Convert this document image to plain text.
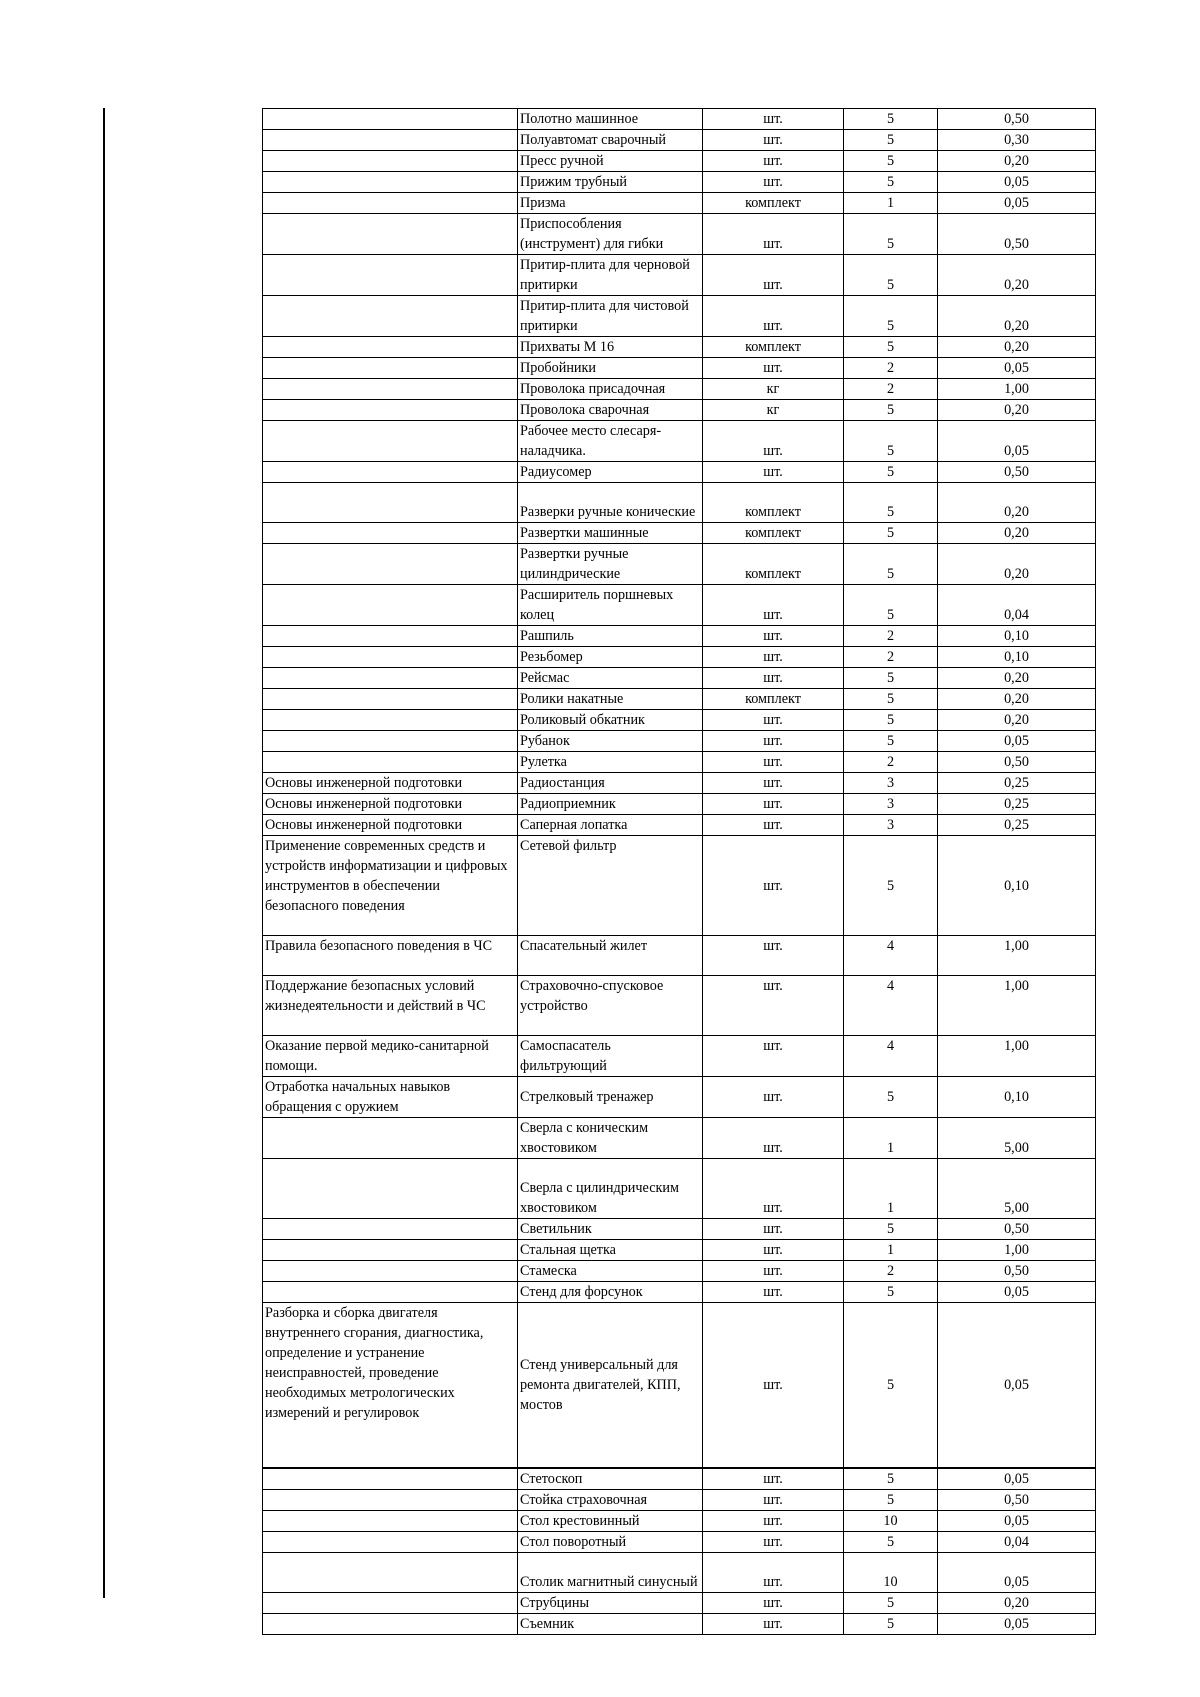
	Полотно машинное	шт.	5	0,50
	Полуавтомат сварочный	шт.	5	0,30
	Пресс ручной	шт.	5	0,20
	Прижим трубный	шт.	5	0,05
	Призма	комплект	1	0,05
	Приспособления (инструмент) для гибки	шт.	5	0,50
	Притир-плита для черновой притирки	шт.	5	0,20
	Притир-плита для чистовой притирки	шт.	5	0,20
	Прихваты М 16	комплект	5	0,20
	Пробойники	шт.	2	0,05
	Проволока присадочная	кг	2	1,00
	Проволока сварочная	кг	5	0,20
	Рабочее место слесаря-наладчика.	шт.	5	0,05
	Радиусомер	шт.	5	0,50
	Разверки ручные конические	комплект	5	0,20
	Развертки машинные	комплект	5	0,20
	Развертки ручные цилиндрические	комплект	5	0,20
	Расширитель поршневых колец	шт.	5	0,04
	Рашпиль	шт.	2	0,10
	Резьбомер	шт.	2	0,10
	Рейсмас	шт.	5	0,20
	Ролики накатные	комплект	5	0,20
	Роликовый обкатник	шт.	5	0,20
	Рубанок	шт.	5	0,05
	Рулетка	шт.	2	0,50
Основы инженерной подготовки	Радиостанция	шт.	3	0,25
Основы инженерной подготовки	Радиоприемник	шт.	3	0,25
Основы инженерной подготовки	Саперная лопатка	шт.	3	0,25
Применение современных средств и устройств информатизации и цифровых инструментов в обеспечении безопасного поведения	Сетевой фильтр	шт.	5	0,10
Правила безопасного поведения в ЧС	Спасательный жилет	шт.	4	1,00
Поддержание безопасных условий жизнедеятельности и действий в ЧС	Страховочно-спусковое устройство	шт.	4	1,00
Оказание первой медико-санитарной помощи.	Самоспасатель фильтрующий	шт.	4	1,00
Отработка начальных навыков обращения с оружием	Стрелковый тренажер	шт.	5	0,10
	Сверла с коническим хвостовиком	шт.	1	5,00
	Сверла с цилиндрическим хвостовиком	шт.	1	5,00
	Светильник	шт.	5	0,50
	Стальная щетка	шт.	1	1,00
	Стамеска	шт.	2	0,50
	Стенд для форсунок	шт.	5	0,05
Разборка и сборка двигателя внутреннего сгорания, диагностика, определение и устранение неисправностей, проведение необходимых метрологических измерений и регулировок	Стенд универсальный для ремонта двигателей, КПП, мостов	шт.	5	0,05
	Стетоскоп	шт.	5	0,05
	Стойка страховочная	шт.	5	0,50
	Стол крестовинный	шт.	10	0,05
	Стол поворотный	шт.	5	0,04
	Столик магнитный синусный	шт.	10	0,05
	Струбцины	шт.	5	0,20
	Съемник	шт.	5	0,05
